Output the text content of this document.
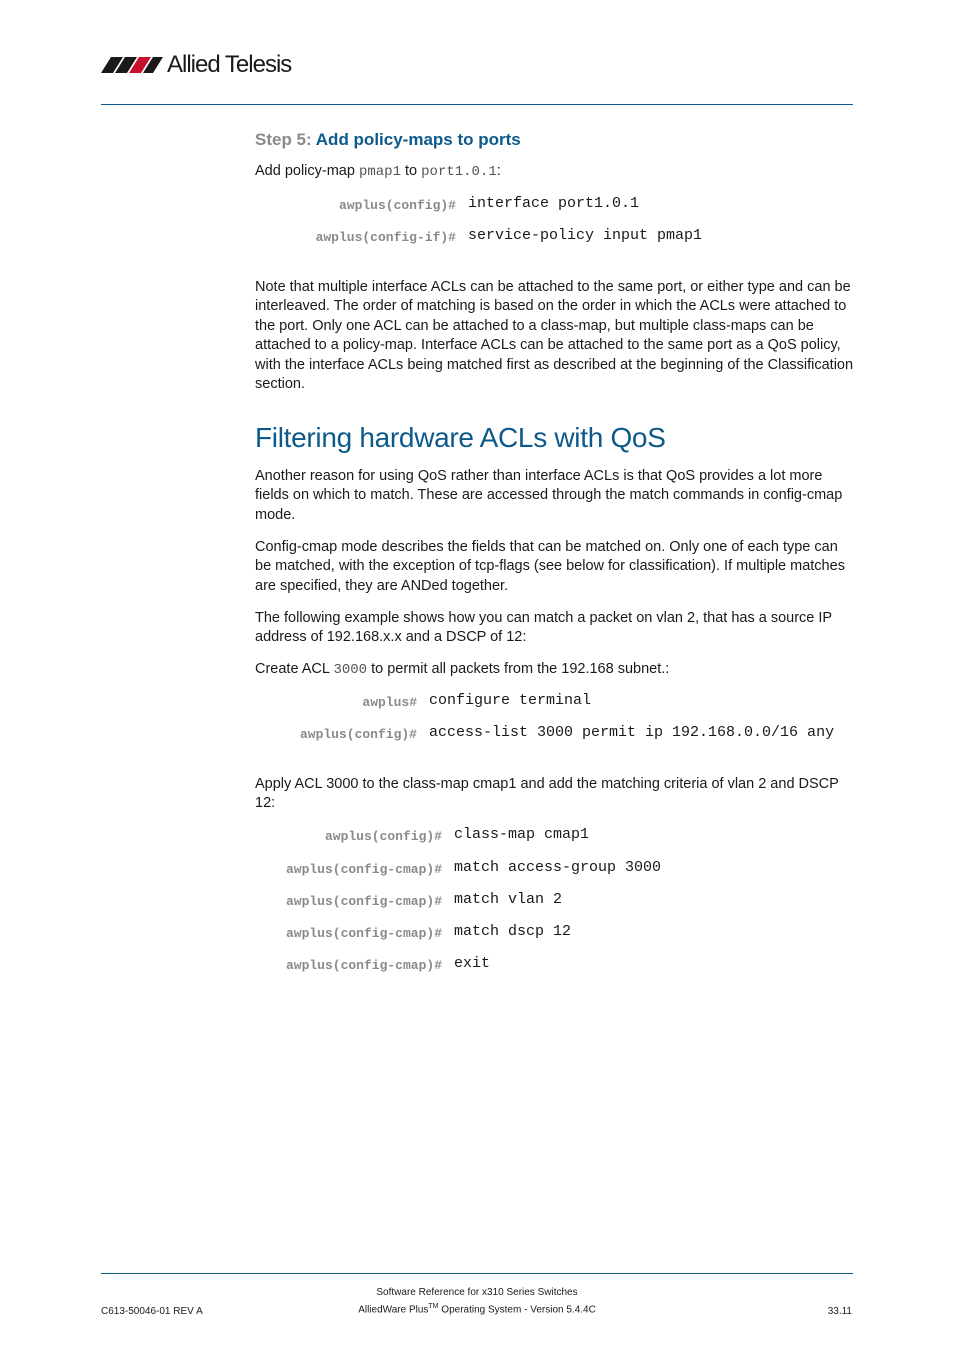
Allied Telesis
Step 5: Add policy-maps to ports

Add policy-map pmap1 to port1.0.1:

awplus(config)# interface port1.0.1
awplus(config-if)# service-policy input pmap1

Note that multiple interface ACLs can be attached to the same port, or either type and can be interleaved. The order of matching is based on the order in which the ACLs were attached to the port. Only one ACL can be attached to a class-map, but multiple class-maps can be attached to a policy-map. Interface ACLs can be attached to the same port as a QoS policy, with the interface ACLs being matched first as described at the beginning of the Classification section.

Filtering hardware ACLs with QoS

Another reason for using QoS rather than interface ACLs is that QoS provides a lot more fields on which to match. These are accessed through the match commands in config-cmap mode.

Config-cmap mode describes the fields that can be matched on. Only one of each type can be matched, with the exception of tcp-flags (see below for classification). If multiple matches are specified, they are ANDed together.

The following example shows how you can match a packet on vlan 2, that has a source IP address of 192.168.x.x and a DSCP of 12:

Create ACL 3000 to permit all packets from the 192.168 subnet.:

awplus# configure terminal
awplus(config)# access-list 3000 permit ip 192.168.0.0/16 any

Apply ACL 3000 to the class-map cmap1 and add the matching criteria of vlan 2 and DSCP 12:

awplus(config)# class-map cmap1
awplus(config-cmap)# match access-group 3000
awplus(config-cmap)# match vlan 2
awplus(config-cmap)# match dscp 12
awplus(config-cmap)# exit
Software Reference for x310 Series Switches
C613-50046-01 REV A	AlliedWare Plus™ Operating System - Version 5.4.4C	33.11
